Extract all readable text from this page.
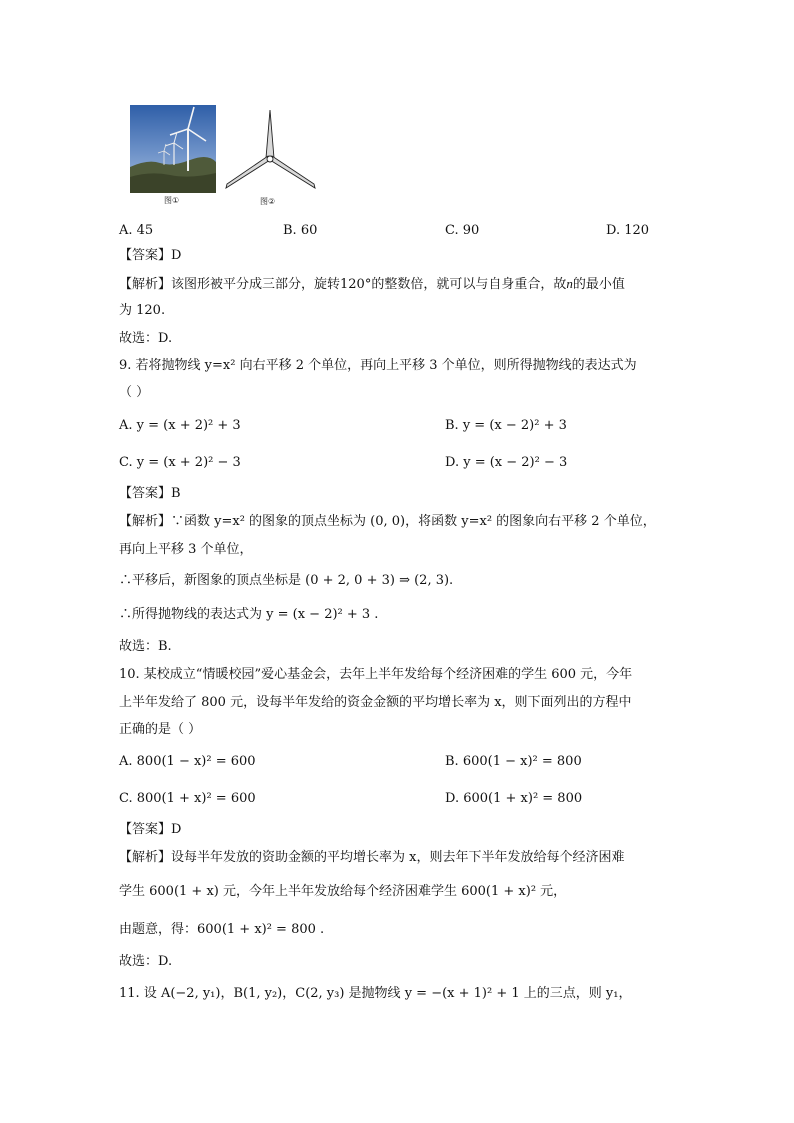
图①	图②
A. 45	B. 60	C. 90	D. 120
【答案】D
【解析】该图形被平分成三部分，旋转120°的整数倍，就可以与自身重合，故n的最小值
为 120.
故选：D.
9. 若将抛物线 y=x² 向右平移 2 个单位，再向上平移 3 个单位，则所得抛物线的表达式为
（ ）
A. y = (x + 2)² + 3	B. y = (x − 2)² + 3
C. y = (x + 2)² − 3	D. y = (x − 2)² − 3
【答案】B
【解析】∵函数 y=x² 的图象的顶点坐标为 (0, 0)，将函数 y=x² 的图象向右平移 2 个单位，
再向上平移 3 个单位，
∴平移后，新图象的顶点坐标是 (0 + 2, 0 + 3) ⇒ (2, 3).
∴所得抛物线的表达式为 y = (x − 2)² + 3 .
故选：B.
10. 某校成立“情暖校园”爱心基金会，去年上半年发给每个经济困难的学生 600 元，今年
上半年发给了 800 元，设每半年发给的资金金额的平均增长率为 x，则下面列出的方程中
正确的是（ ）
A. 800(1 − x)² = 600	B. 600(1 − x)² = 800
C. 800(1 + x)² = 600	D. 600(1 + x)² = 800
【答案】D
【解析】设每半年发放的资助金额的平均增长率为 x，则去年下半年发放给每个经济困难
学生 600(1 + x) 元，今年上半年发放给每个经济困难学生 600(1 + x)² 元，
由题意，得：600(1 + x)² = 800 .
故选：D.
11. 设 A(−2, y₁)，B(1, y₂)，C(2, y₃) 是抛物线 y = −(x + 1)² + 1 上的三点，则 y₁，
